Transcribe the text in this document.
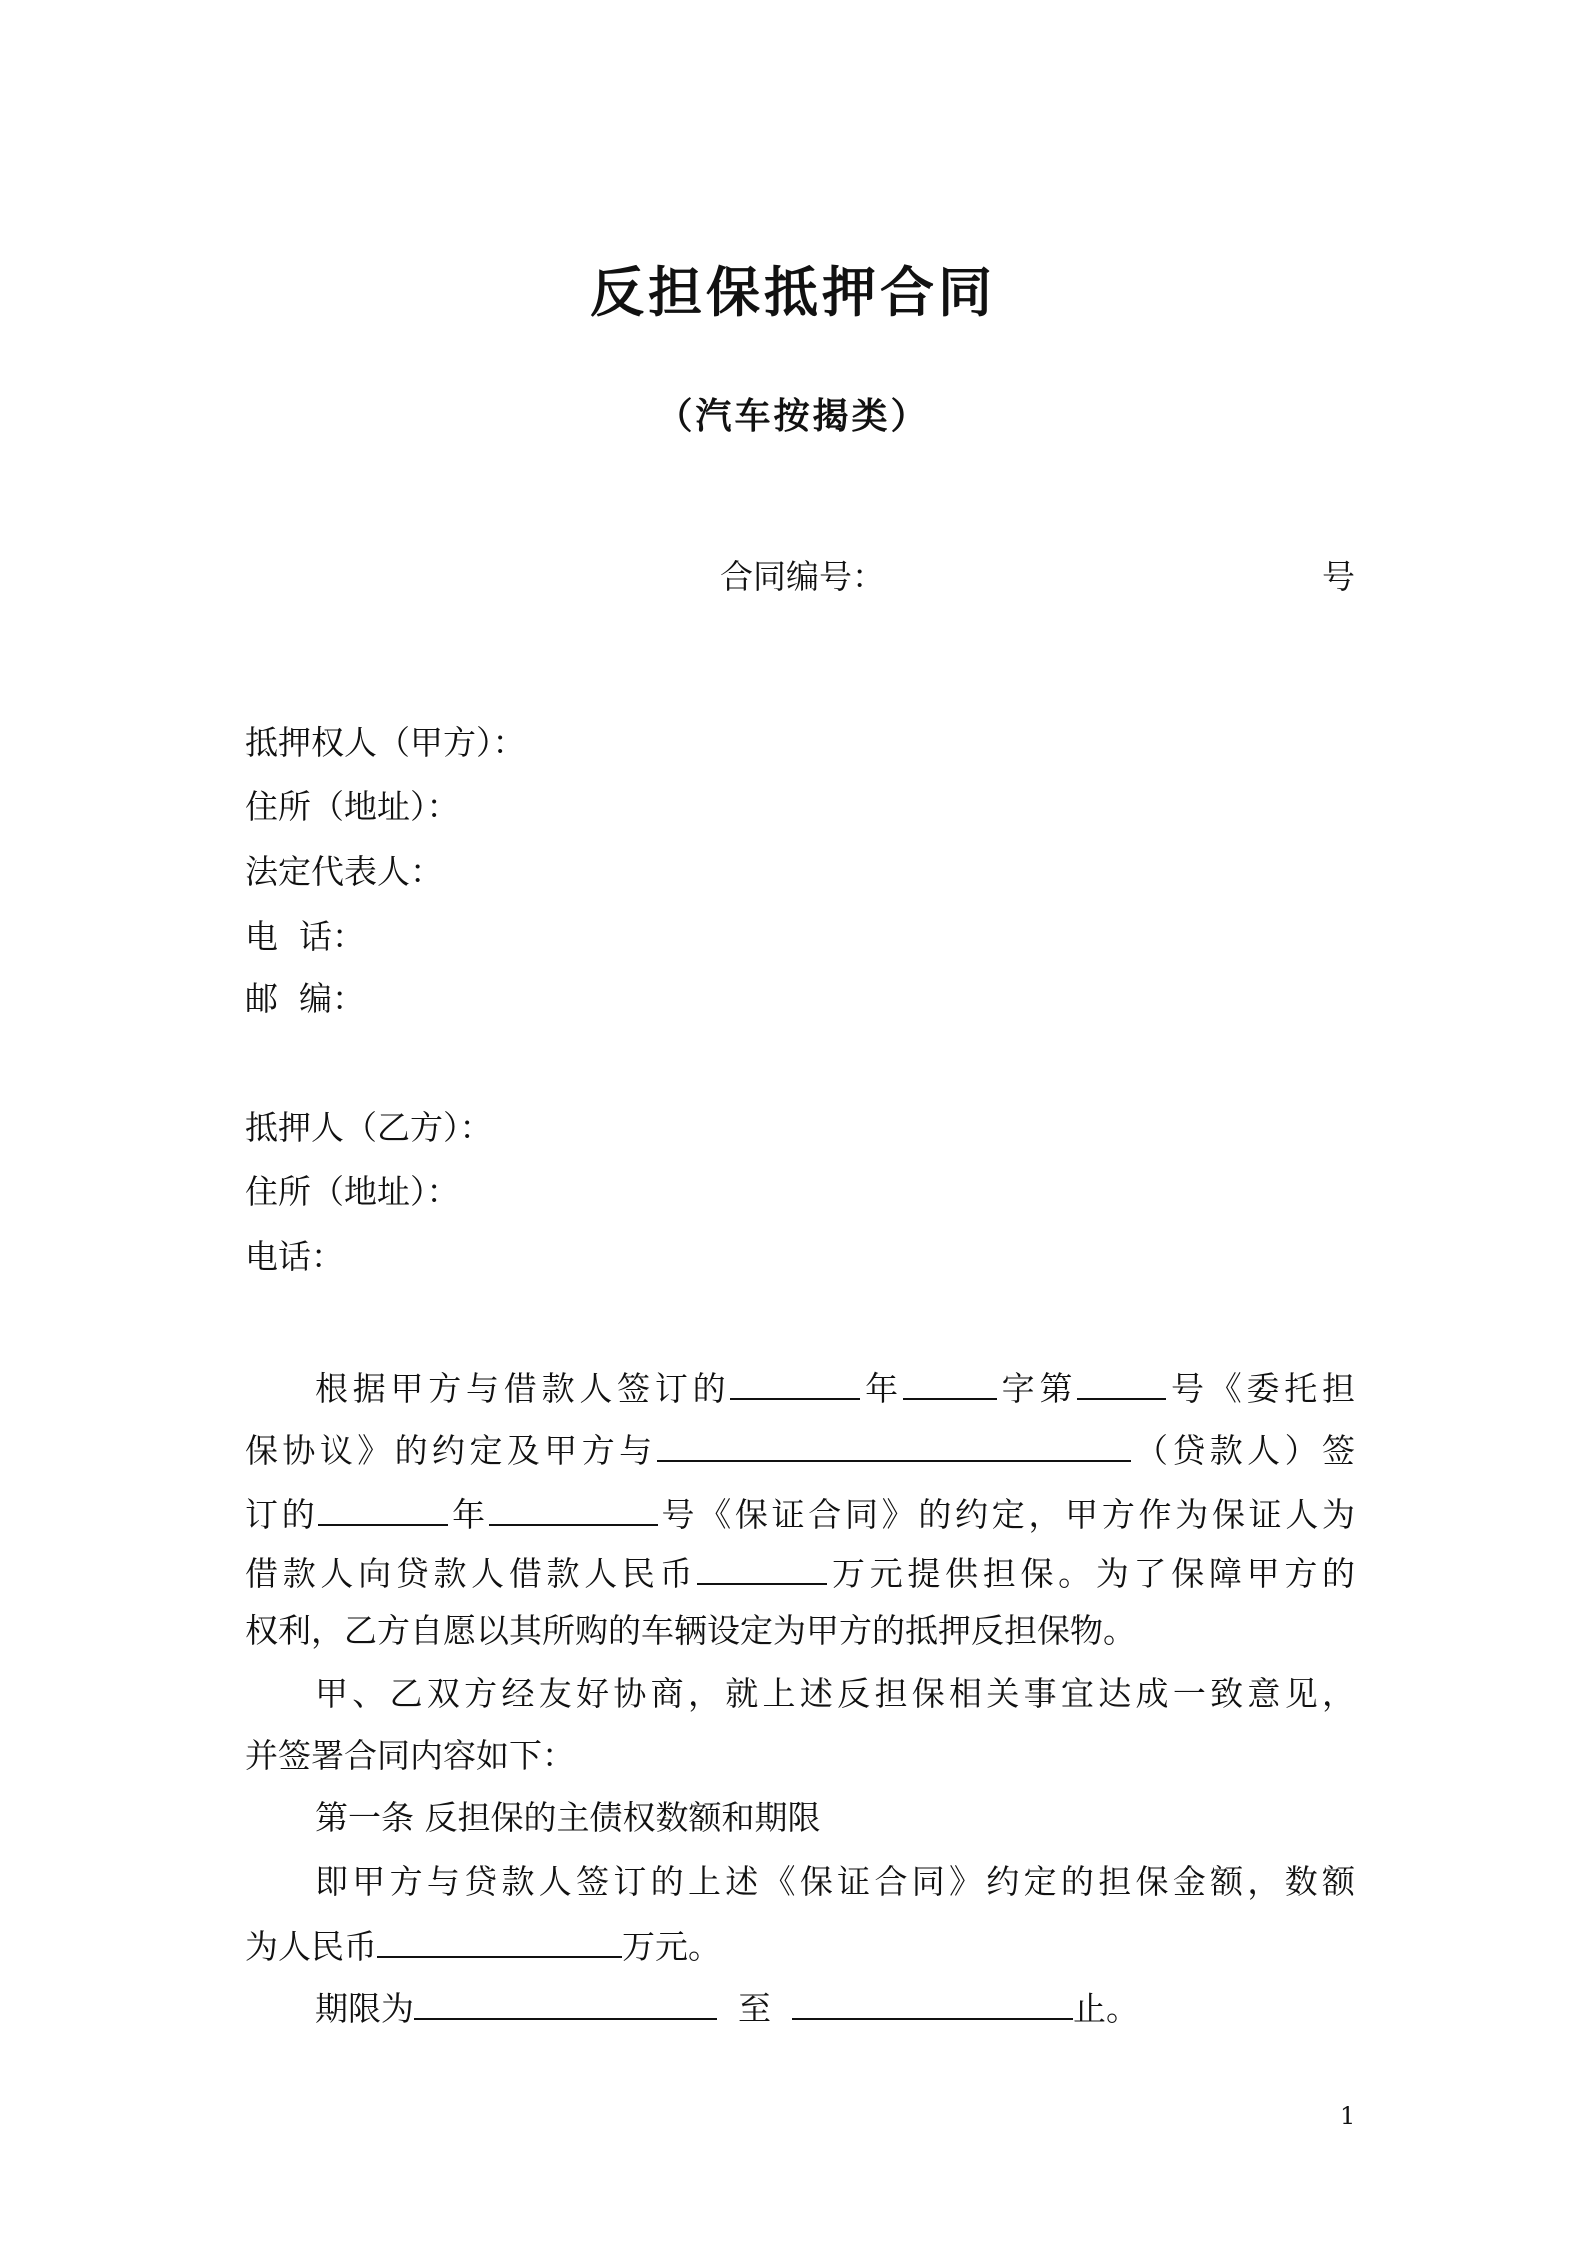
反担保抵押合同
（汽车按揭类）
合同编号：	号
抵押权人（甲方）：
住所（地址）：
法定代表人：
电  话：
邮  编：
抵押人（乙方）：
住所（地址）：
电话：
根据甲方与借款人签订的	年	字第	号《委托担
保协议》的约定及甲方与	（贷款人）签
订的	年	号《保证合同》的约定，甲方作为保证人为
借款人向贷款人借款人民币	万元提供担保。为了保障甲方的
权利，乙方自愿以其所购的车辆设定为甲方的抵押反担保物。
甲、乙双方经友好协商，就上述反担保相关事宜达成一致意见，
并签署合同内容如下：
第一条 反担保的主债权数额和期限
即甲方与贷款人签订的上述《保证合同》约定的担保金额，数额
为人民币	万元。
期限为	至	止。
1
